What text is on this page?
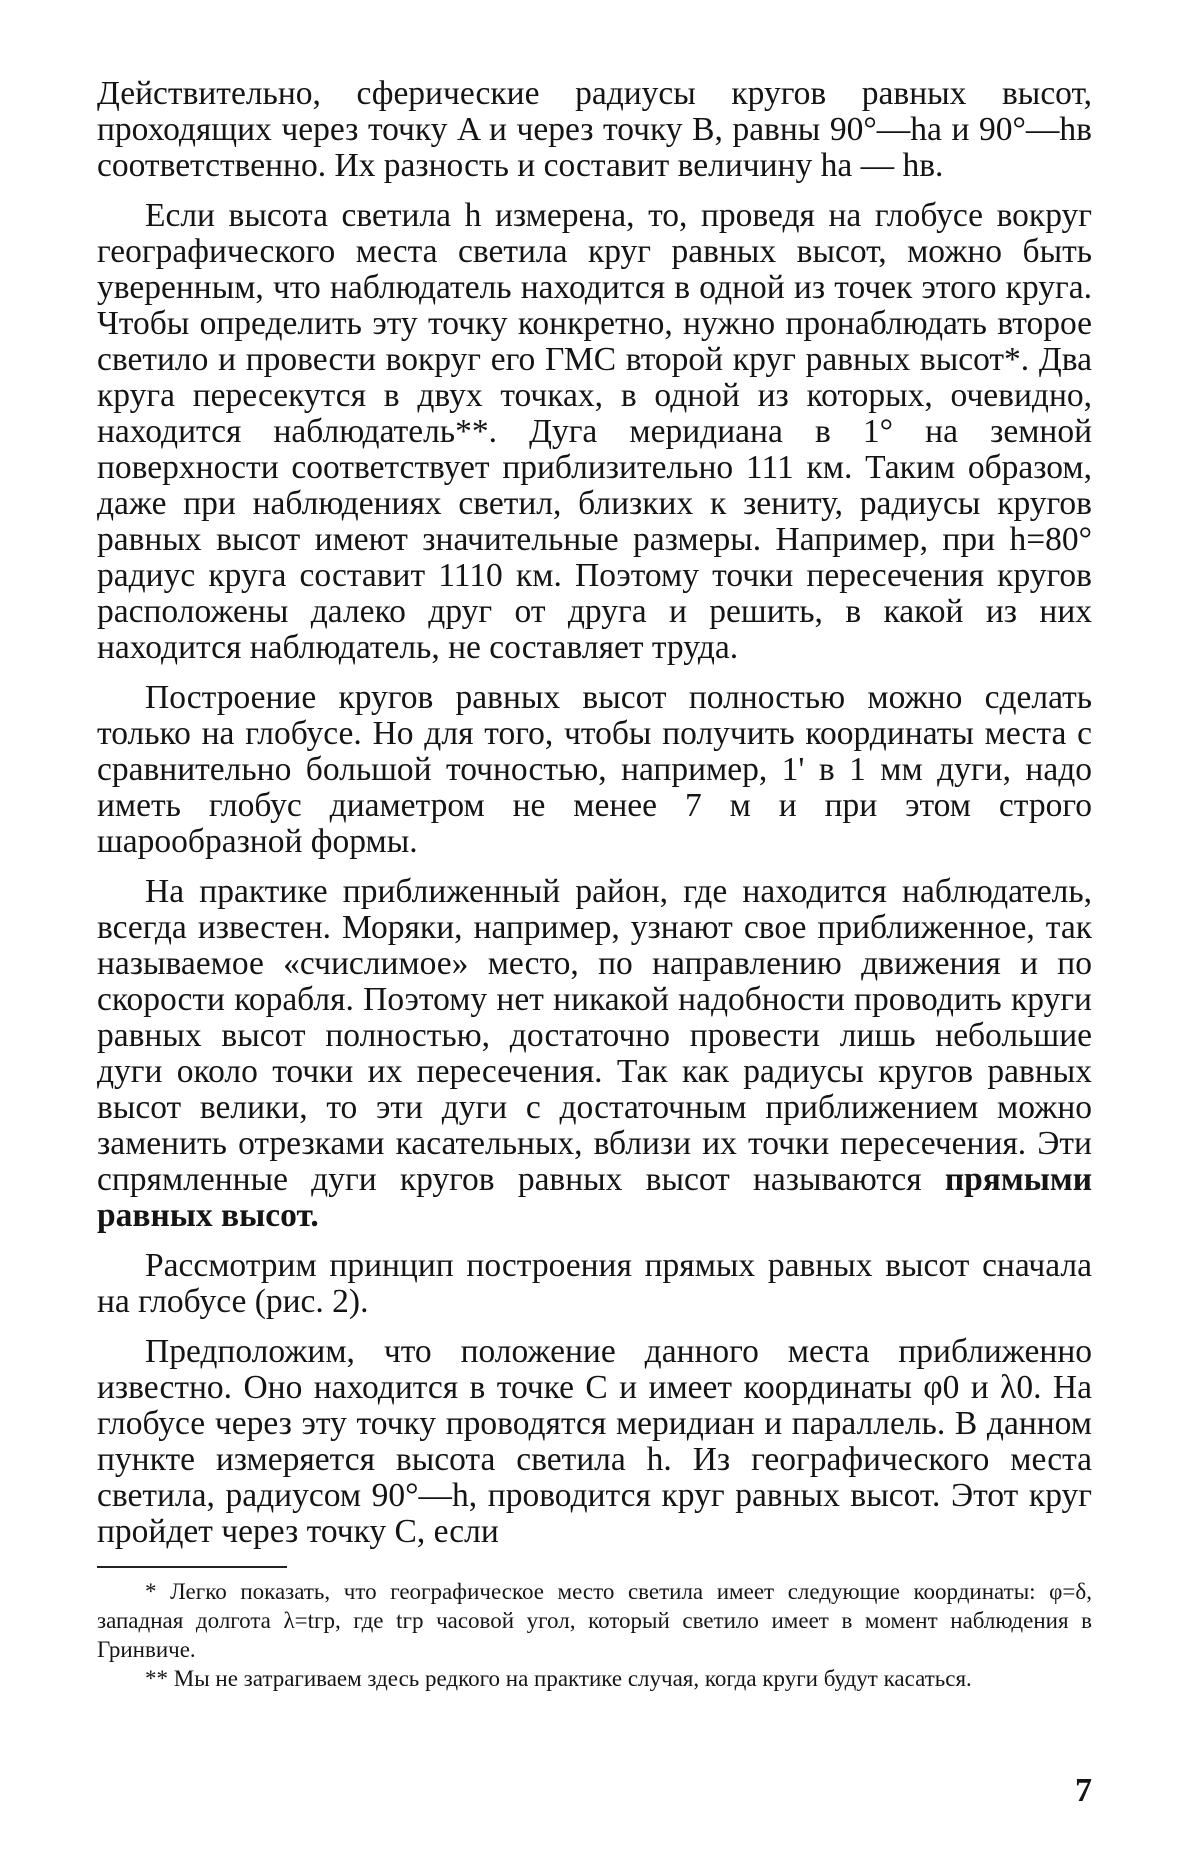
Действительно, сферические радиусы кругов равных высот, проходящих через точку A и через точку B, равны 90°—ha и 90°—hв соответственно. Их разность и составит величину ha — hв.

Если высота светила h измерена, то, проведя на глобусе вокруг географического места светила круг равных высот, можно быть уверенным, что наблюдатель находится в одной из точек этого круга. Чтобы определить эту точку конкретно, нужно пронаблюдать второе светило и провести вокруг его ГМС второй круг равных высот*. Два круга пересекутся в двух точках, в одной из которых, очевидно, находится наблюдатель**. Дуга меридиана в 1° на земной поверхности соответствует приблизительно 111 км. Таким образом, даже при наблюдениях светил, близких к зениту, радиусы кругов равных высот имеют значительные размеры. Например, при h=80° радиус круга составит 1110 км. Поэтому точки пересечения кругов расположены далеко друг от друга и решить, в какой из них находится наблюдатель, не составляет труда.

Построение кругов равных высот полностью можно сделать только на глобусе. Но для того, чтобы получить координаты места с сравнительно большой точностью, например, 1' в 1 мм дуги, надо иметь глобус диаметром не менее 7 м и при этом строго шарообразной формы.

На практике приближенный район, где находится наблюдатель, всегда известен. Моряки, например, узнают свое приближенное, так называемое «счислимое» место, по направлению движения и по скорости корабля. Поэтому нет никакой надобности проводить круги равных высот полностью, достаточно провести лишь небольшие дуги около точки их пересечения. Так как радиусы кругов равных высот велики, то эти дуги с достаточным приближением можно заменить отрезками касательных, вблизи их точки пересечения. Эти спрямленные дуги кругов равных высот называются прямыми равных высот.

Рассмотрим принцип построения прямых равных высот сначала на глобусе (рис. 2).

Предположим, что положение данного места приближенно известно. Оно находится в точке C и имеет координаты φ0 и λ0. На глобусе через эту точку проводятся меридиан и параллель. В данном пункте измеряется высота светила h. Из географического места светила, радиусом 90°—h, проводится круг равных высот. Этот круг пройдет через точку C, если

* Легко показать, что географическое место светила имеет следующие координаты: φ=δ, западная долгота λ=tгр, где tгр часовой угол, который светило имеет в момент наблюдения в Гринвиче.

** Мы не затрагиваем здесь редкого на практике случая, когда круги будут касаться.

7
